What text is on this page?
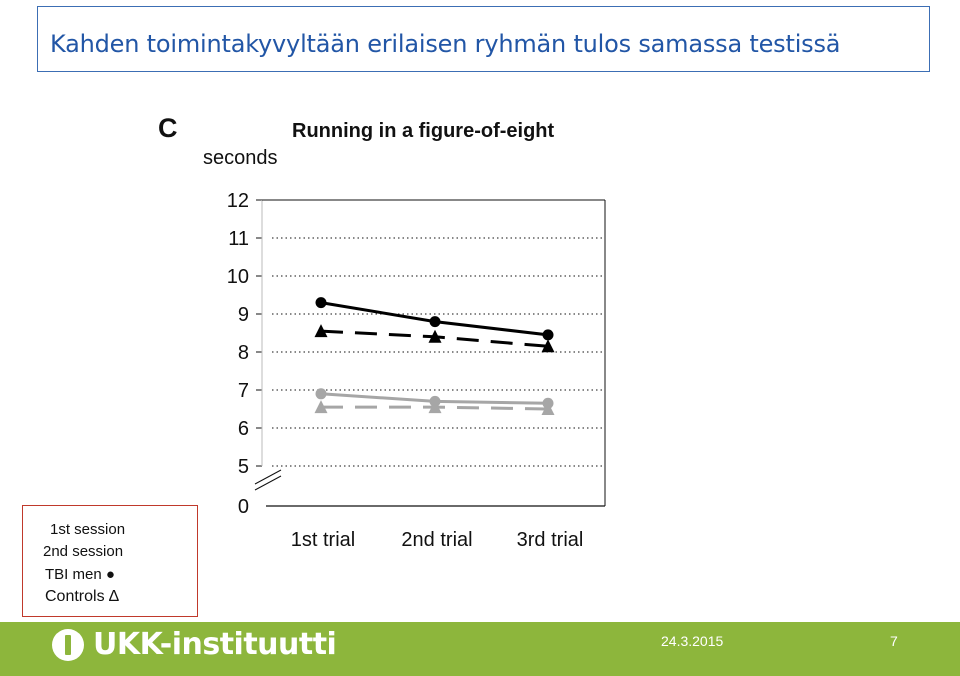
Kahden toimintakyvyltään erilaisen ryhmän tulos samassa testissä
C	Running in a figure-of-eight
seconds
0
5
6
7
8
9
10
11
12
1st trial 2nd trial 3rd trial
1st session
2nd session
TBI men ●
Controls ∆
UKK-instituutti	24.3.2015	7
